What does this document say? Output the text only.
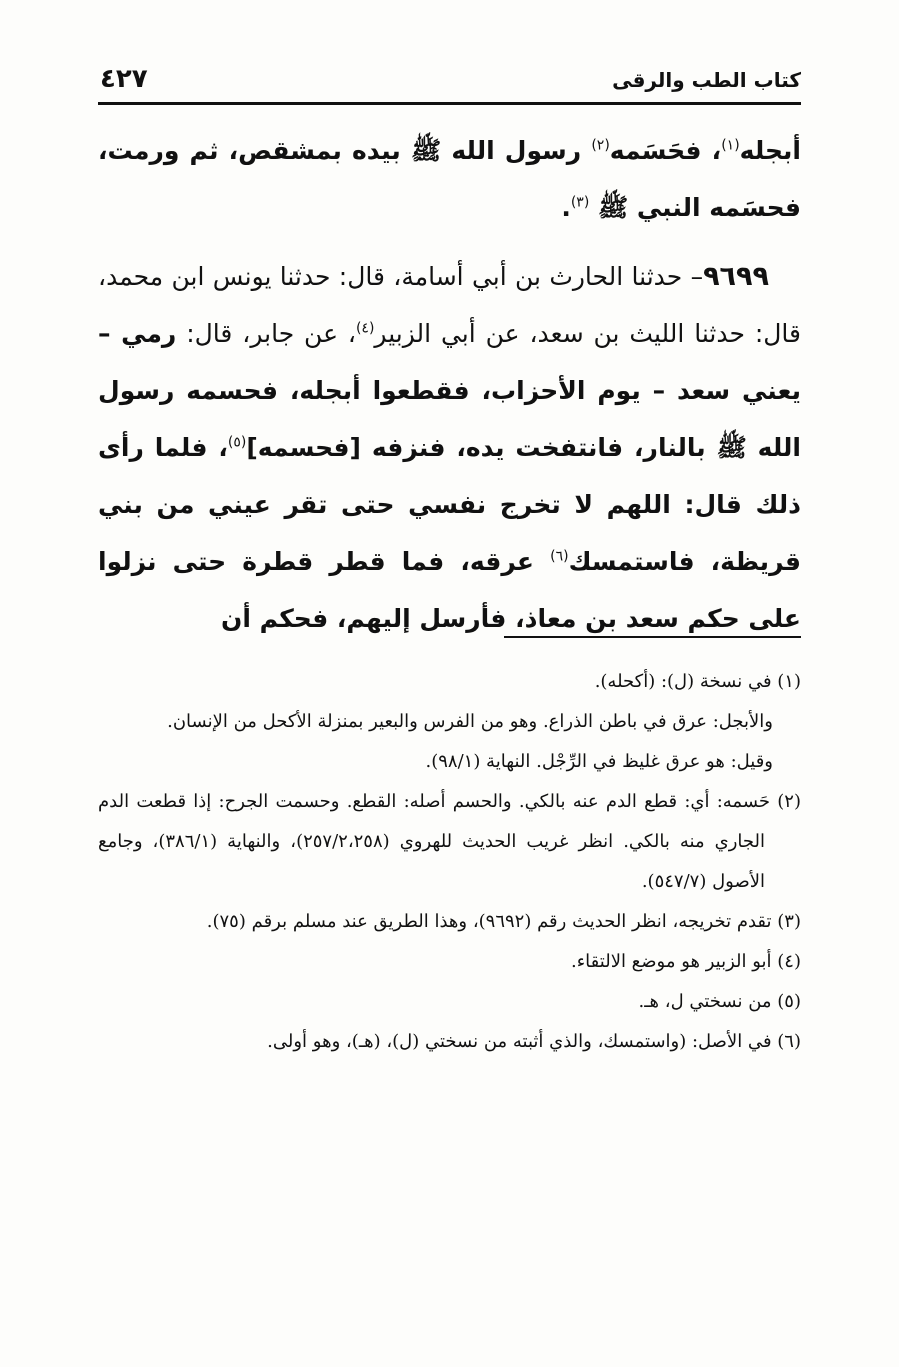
كتاب الطب والرقى
٤٢٧

أبجله$^{(١)}$، فحَسَمه$^{(٢)}$ رسول الله ﷺ بيده بمشقص، ثم ورمت، فحسَمه النبي ﷺ $^{(٣)}$.

٩٦٩٩– حدثنا الحارث بن أبي أسامة، قال: حدثنا يونس ابن محمد، قال: حدثنا الليث بن سعد، عن أبي الزبير$^{(٤)}$، عن جابر، قال: رمي – يعني سعد – يوم الأحزاب، فقطعوا أبجله، فحسمه رسول الله ﷺ بالنار، فانتفخت يده، فنزفه [فحسمه]$^{(٥)}$، فلما رأى ذلك قال: اللهم لا تخرج نفسي حتى تقر عيني من بني قريظة، فاستمسك$^{(٦)}$ عرقه، فما قطر قطرة حتى نزلوا على حكم سعد بن معاذ، فأرسل إليهم، فحكم أن

(١) في نسخة (ل): (أكحله).

والأبجل: عرق في باطن الذراع. وهو من الفرس والبعير بمنزلة الأكحل من الإنسان.

وقيل: هو عرق غليظ في الرِّجْل. النهاية (٩٨/١).

(٢) حَسمه: أي: قطع الدم عنه بالكي. والحسم أصله: القطع. وحسمت الجرح: إذا قطعت الدم الجاري منه بالكي. انظر غريب الحديث للهروي (٢٥٧/٢،٢٥٨)، والنهاية (٣٨٦/١)، وجامع الأصول (٥٤٧/٧).

(٣) تقدم تخريجه، انظر الحديث رقم (٩٦٩٢)، وهذا الطريق عند مسلم برقم (٧٥).

(٤) أبو الزبير هو موضع الالتقاء.

(٥) من نسختي ل، هـ.

(٦) في الأصل: (واستمسك، والذي أثبته من نسختي (ل)، (هـ)، وهو أولى.
